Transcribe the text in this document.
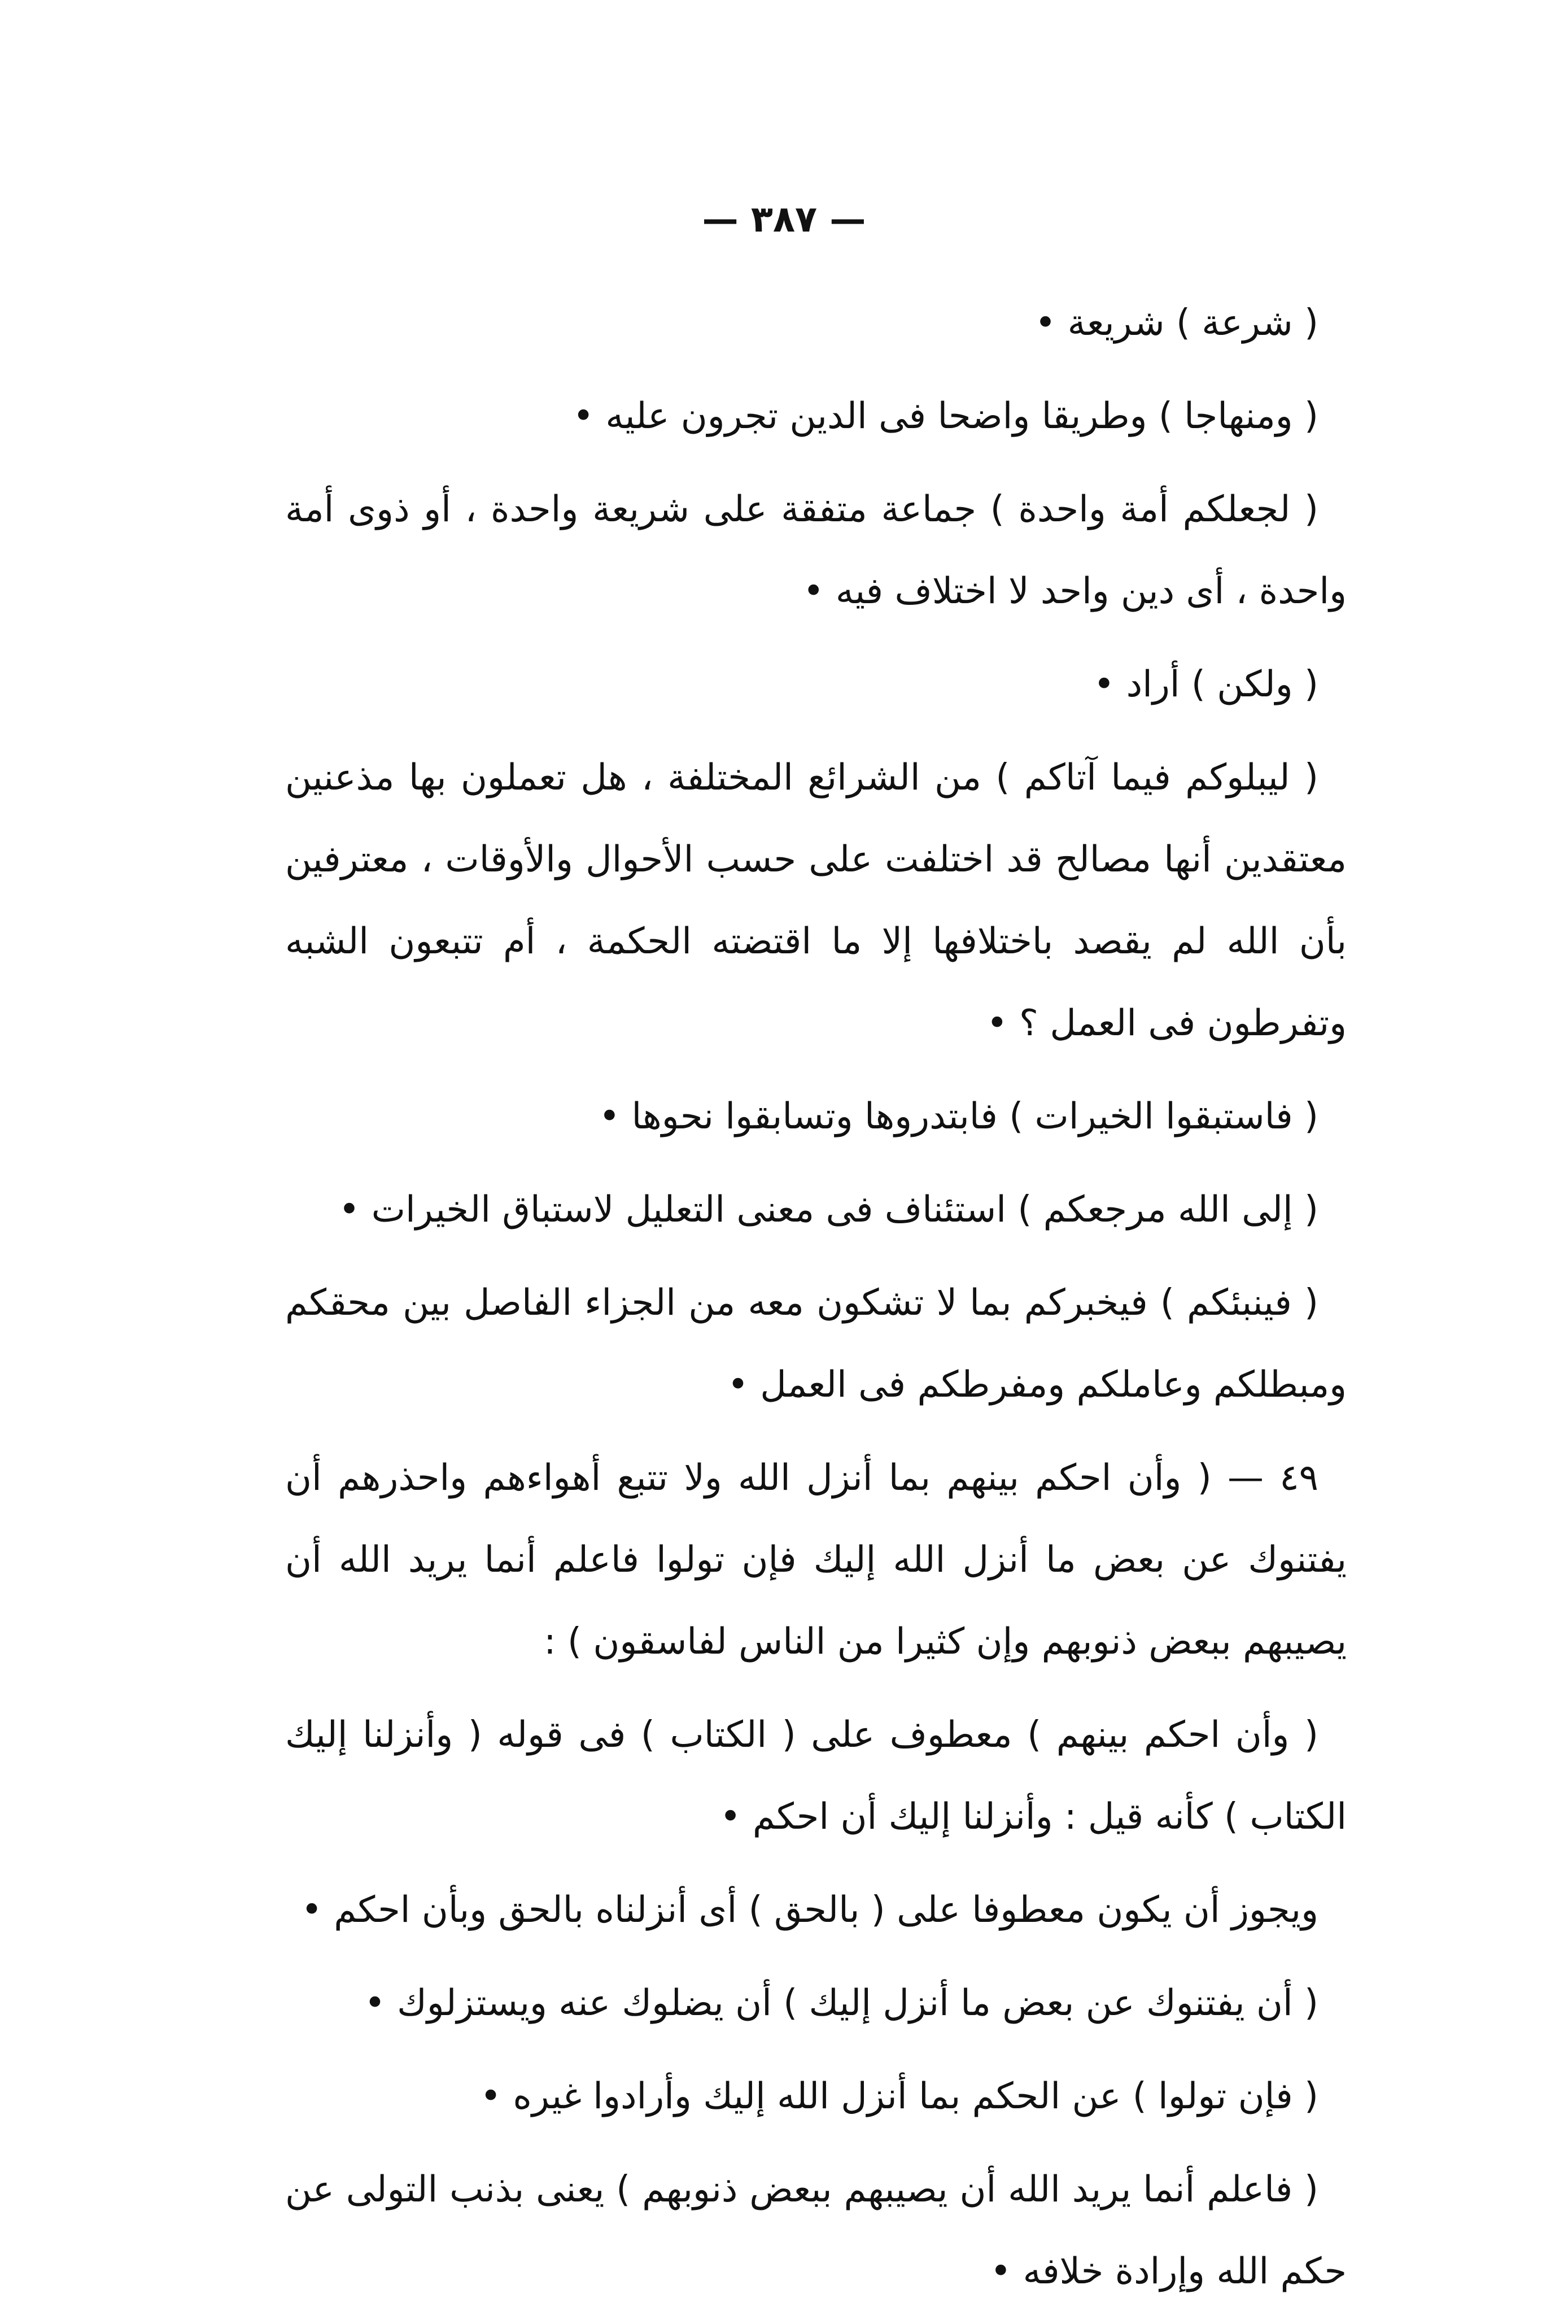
— ٣٨٧ —

( شرعة ) شريعة •

( ومنهاجا ) وطريقا واضحا فى الدين تجرون عليه •

( لجعلكم أمة واحدة ) جماعة متفقة على شريعة واحدة ، أو ذوى أمة واحدة ، أى دين واحد لا اختلاف فيه •

( ولكن ) أراد •

( ليبلوكم فيما آتاكم ) من الشرائع المختلفة ، هل تعملون بها مذعنين معتقدين أنها مصالح قد اختلفت على حسب الأحوال والأوقات ، معترفين بأن الله لم يقصد باختلافها إلا ما اقتضته الحكمة ، أم تتبعون الشبه وتفرطون فى العمل ؟ •

( فاستبقوا الخيرات ) فابتدروها وتسابقوا نحوها •

( إلى الله مرجعكم ) استئناف فى معنى التعليل لاستباق الخيرات •

( فينبئكم ) فيخبركم بما لا تشكون معه من الجزاء الفاصل بين محقكم ومبطلكم وعاملكم ومفرطكم فى العمل •

٤٩ — ( وأن احكم بينهم بما أنزل الله ولا تتبع أهواءهم واحذرهم أن يفتنوك عن بعض ما أنزل الله إليك فإن تولوا فاعلم أنما يريد الله أن يصيبهم ببعض ذنوبهم وإن كثيرا من الناس لفاسقون ) :

( وأن احكم بينهم ) معطوف على ( الكتاب ) فى قوله ( وأنزلنا إليك الكتاب ) كأنه قيل : وأنزلنا إليك أن احكم •

ويجوز أن يكون معطوفا على ( بالحق ) أى أنزلناه بالحق وبأن احكم •

( أن يفتنوك عن بعض ما أنزل إليك ) أن يضلوك عنه ويستزلوك •

( فإن تولوا ) عن الحكم بما أنزل الله إليك وأرادوا غيره •

( فاعلم أنما يريد الله أن يصيبهم ببعض ذنوبهم ) يعنى بذنب التولى عن حكم الله وإرادة خلافه •
